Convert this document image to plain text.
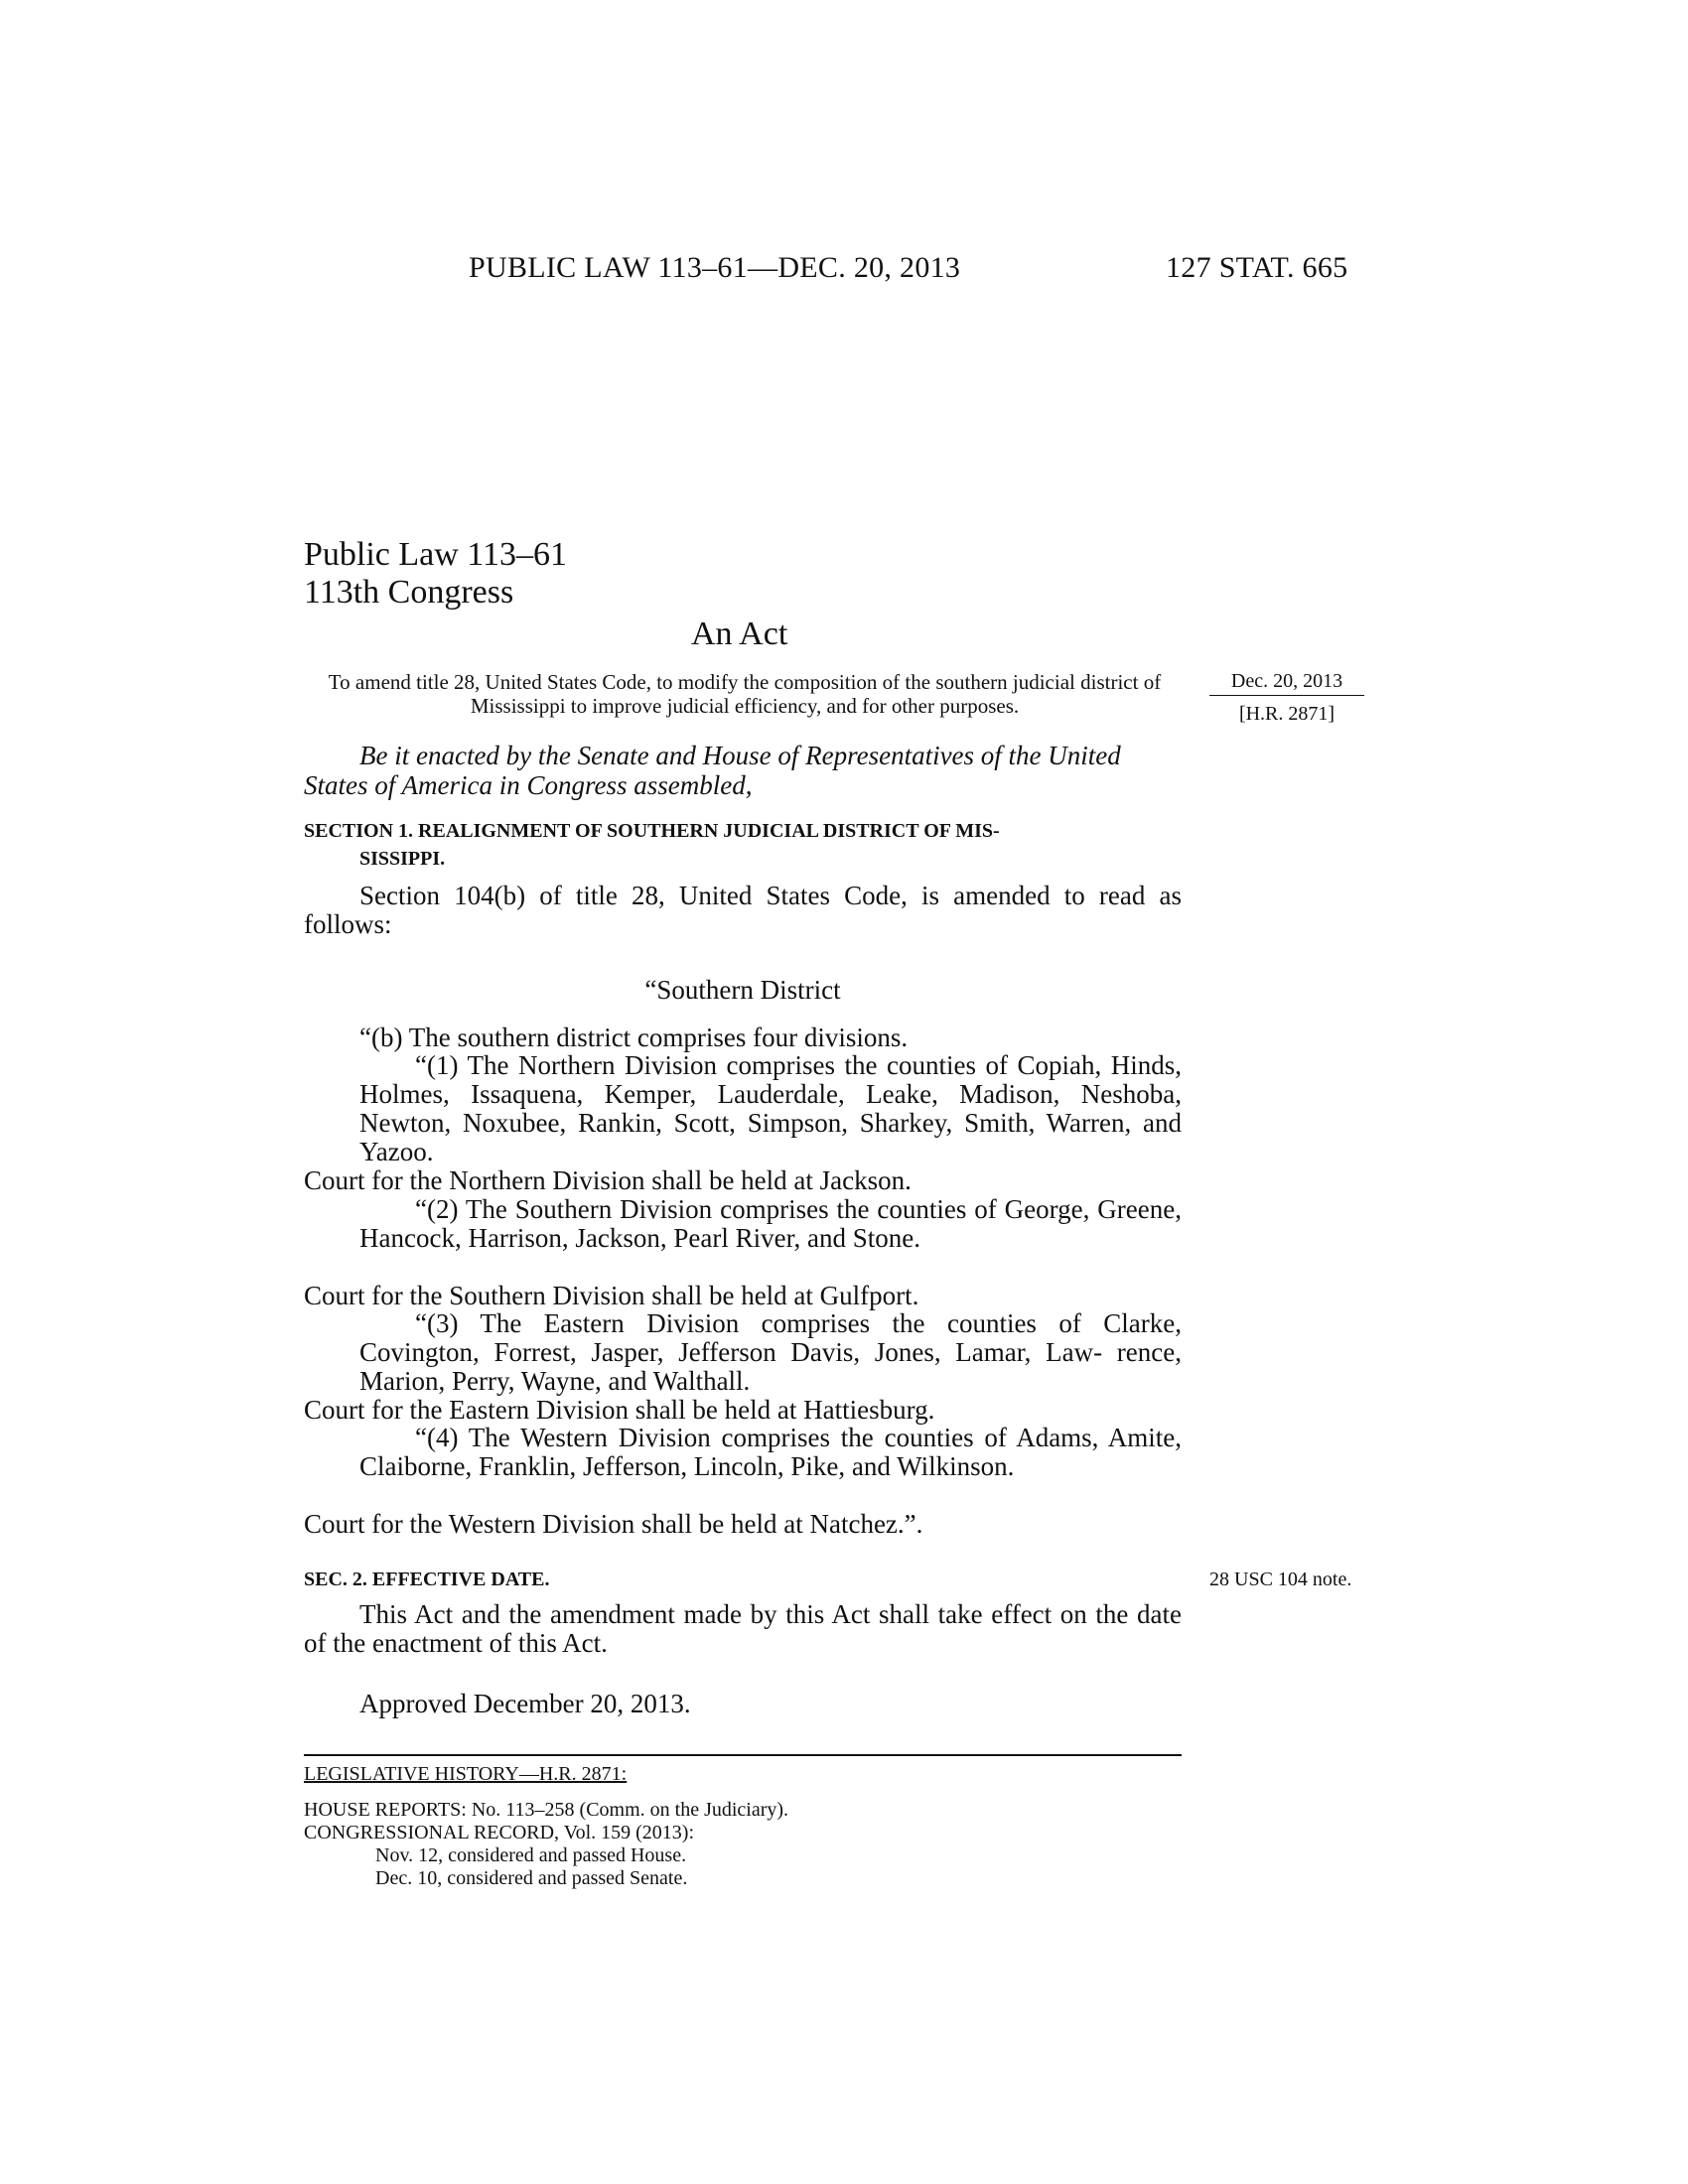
PUBLIC LAW 113–61—DEC. 20, 2013	127 STAT. 665
Public Law 113–61
113th Congress
An Act
To amend title 28, United States Code, to modify the composition of the southern judicial district of Mississippi to improve judicial efficiency, and for other purposes.
Dec. 20, 2013
[H.R. 2871]
Be it enacted by the Senate and House of Representatives of the United States of America in Congress assembled,
SECTION 1. REALIGNMENT OF SOUTHERN JUDICIAL DISTRICT OF MIS-
SISSIPPI.
Section 104(b) of title 28, United States Code, is amended to read as follows:
“Southern District
“(b) The southern district comprises four divisions.
“(1) The Northern Division comprises the counties of Copiah, Hinds, Holmes, Issaquena, Kemper, Lauderdale, Leake, Madison, Neshoba, Newton, Noxubee, Rankin, Scott, Simpson, Sharkey, Smith, Warren, and Yazoo.
Court for the Northern Division shall be held at Jackson.
“(2) The Southern Division comprises the counties of George, Greene, Hancock, Harrison, Jackson, Pearl River, and Stone.
Court for the Southern Division shall be held at Gulfport.
“(3) The Eastern Division comprises the counties of Clarke, Covington, Forrest, Jasper, Jefferson Davis, Jones, Lamar, Law- rence, Marion, Perry, Wayne, and Walthall.
Court for the Eastern Division shall be held at Hattiesburg.
“(4) The Western Division comprises the counties of Adams, Amite, Claiborne, Franklin, Jefferson, Lincoln, Pike, and Wilkinson.
Court for the Western Division shall be held at Natchez.”.
SEC. 2. EFFECTIVE DATE.	28 USC 104 note.
This Act and the amendment made by this Act shall take effect on the date of the enactment of this Act.
Approved December 20, 2013.
LEGISLATIVE HISTORY—H.R. 2871:
HOUSE REPORTS: No. 113–258 (Comm. on the Judiciary).
CONGRESSIONAL RECORD, Vol. 159 (2013):
Nov. 12, considered and passed House.
Dec. 10, considered and passed Senate.
